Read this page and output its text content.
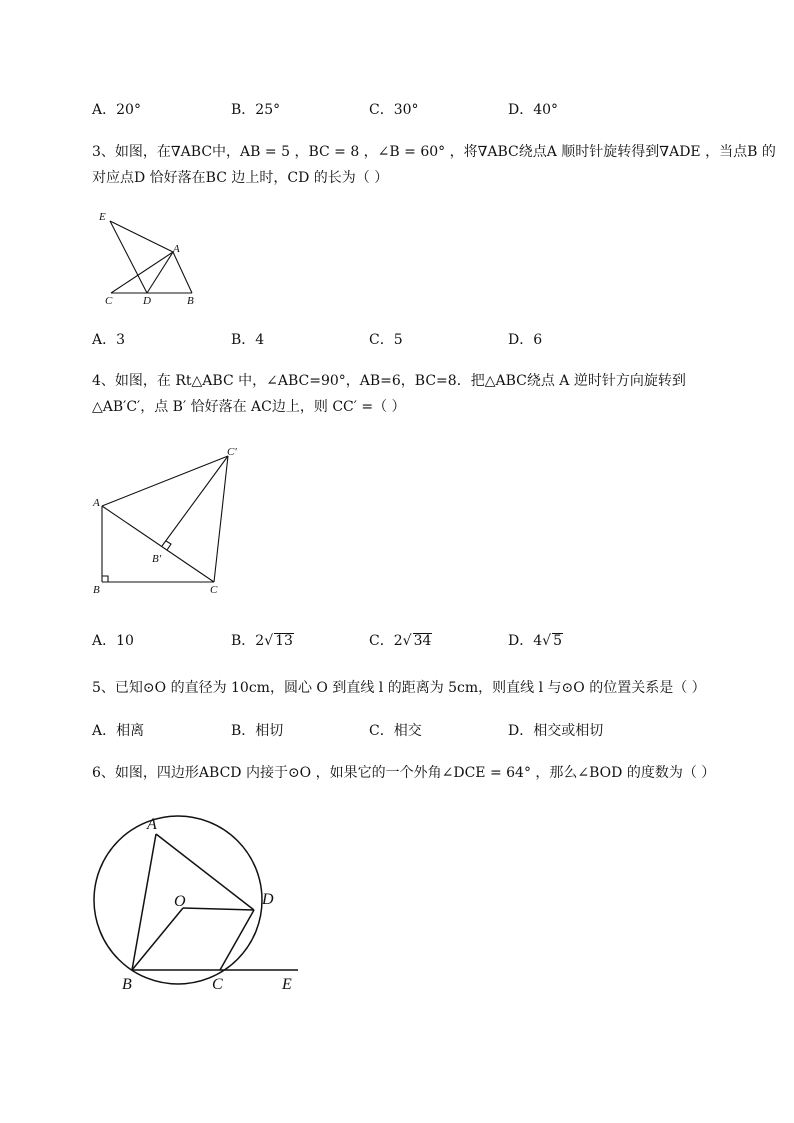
A．20°	B．25°	C．30°	D．40°
3、如图，在∇ABC中，AB = 5 ，BC = 8 ，∠B = 60° ，将∇ABC绕点A 顺时针旋转得到∇ADE ，当点B 的
对应点D 恰好落在BC 边上时，CD 的长为（ ）
E
A
C	D	B
A．3	B．4	C．5	D．6
4、如图，在 Rt△ABC 中，∠ABC=90°，AB=6，BC=8．把△ABC绕点 A 逆时针方向旋转到
△AB′C′，点 B′ 恰好落在 AC边上，则 CC′ =（ ）
A
B	C
B′
C′
A．10	B．2√ 13	C．2√ 34	D．4√ 5
5、已知⊙O 的直径为 10cm，圆心 O 到直线 l 的距离为 5cm，则直线 l 与⊙O 的位置关系是（ ）
A．相离	B．相切	C．相交	D．相交或相切
6、如图，四边形ABCD 内接于⊙O ，如果它的一个外角∠DCE = 64° ，那么∠BOD 的度数为（ ）
A
O	D
B	C	E
